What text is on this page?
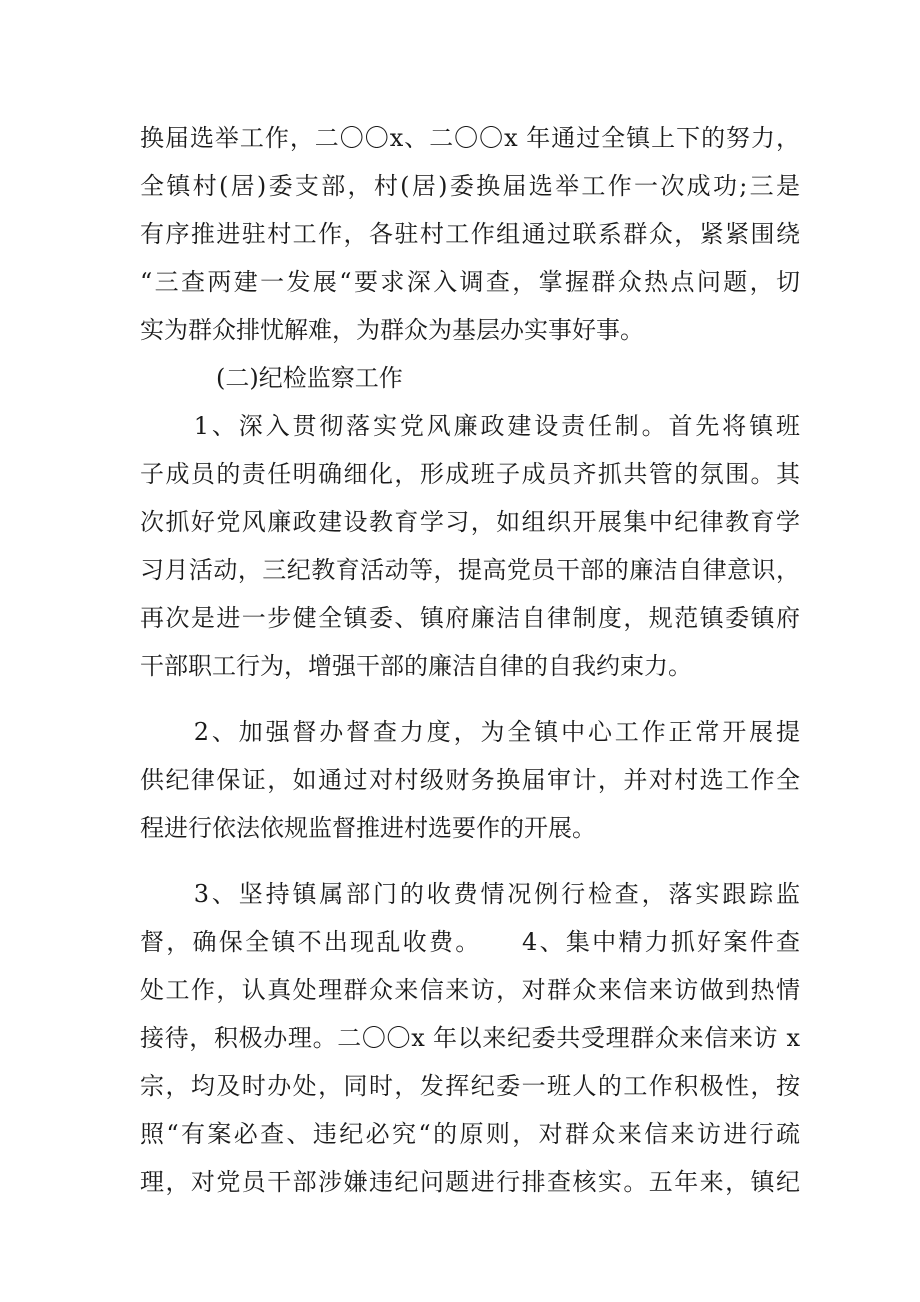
换届选举工作，二〇〇x、二〇〇x 年通过全镇上下的努力，
全镇村(居)委支部，村(居)委换届选举工作一次成功;三是
有序推进驻村工作，各驻村工作组通过联系群众，紧紧围绕
“三查两建一发展“要求深入调查，掌握群众热点问题，切
实为群众排忧解难，为群众为基层办实事好事。
(二)纪检监察工作
　　1、深入贯彻落实党风廉政建设责任制。首先将镇班
子成员的责任明确细化，形成班子成员齐抓共管的氛围。其
次抓好党风廉政建设教育学习，如组织开展集中纪律教育学
习月活动，三纪教育活动等，提高党员干部的廉洁自律意识，
再次是进一步健全镇委、镇府廉洁自律制度，规范镇委镇府
干部职工行为，增强干部的廉洁自律的自我约束力。
　　2、加强督办督查力度，为全镇中心工作正常开展提
供纪律保证，如通过对村级财务换届审计，并对村选工作全
程进行依法依规监督推进村选要作的开展。
　　3、坚持镇属部门的收费情况例行检查，落实跟踪监
督，确保全镇不出现乱收费。　　4、集中精力抓好案件查
处工作，认真处理群众来信来访，对群众来信来访做到热情
接待，积极办理。二〇〇x 年以来纪委共受理群众来信来访 x
宗，均及时办处，同时，发挥纪委一班人的工作积极性，按
照“有案必查、违纪必究“的原则，对群众来信来访进行疏
理，对党员干部涉嫌违纪问题进行排查核实。五年来，镇纪
